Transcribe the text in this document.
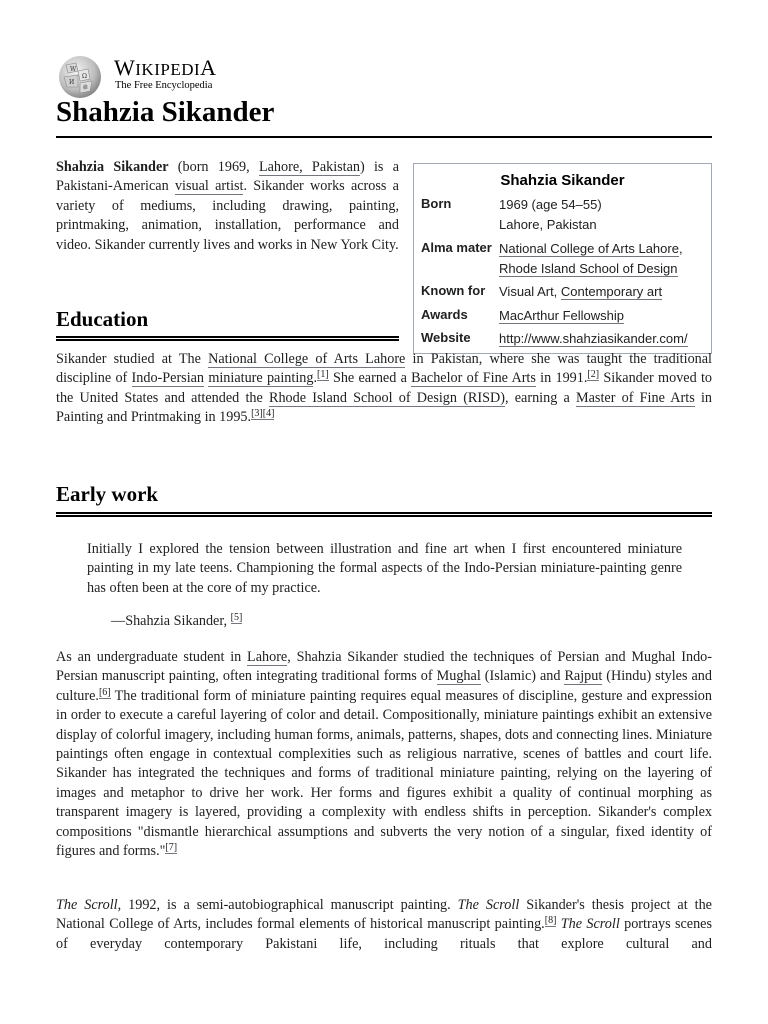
W
Ω
И
維
WIKIPEDIA
The Free Encyclopedia
Shahzia Sikander

Shahzia Sikander (born 1969, Lahore, Pakistan) is a Pakistani-American visual artist. Sikander works across a variety of mediums, including drawing, painting, printmaking, animation, installation, performance and video. Sikander currently lives and works in New York City.

Shahzia Sikander
Born	1969 (age 54–55)
Lahore, Pakistan
Alma mater National College of Arts Lahore,
Rhode Island School of Design
Known for Visual Art, Contemporary art
Awards MacArthur Fellowship
Website http://www.shahziasikander.com/
Education

Sikander studied at The National College of Arts Lahore in Pakistan, where she was taught the traditional discipline of Indo-Persian miniature painting.[1] She earned a Bachelor of Fine Arts in 1991.[2] Sikander moved to the United States and attended the Rhode Island School of Design (RISD), earning a Master of Fine Arts in Painting and Printmaking in 1995.[3][4]

Early work

Initially I explored the tension between illustration and fine art when I first encountered miniature painting in my late teens. Championing the formal aspects of the Indo-Persian miniature-painting genre has often been at the core of my practice.

—Shahzia Sikander, [5]

As an undergraduate student in Lahore, Shahzia Sikander studied the techniques of Persian and Mughal Indo-Persian manuscript painting, often integrating traditional forms of Mughal (Islamic) and Rajput (Hindu) styles and culture.[6] The traditional form of miniature painting requires equal measures of discipline, gesture and expression in order to execute a careful layering of color and detail. Compositionally, miniature paintings exhibit an extensive display of colorful imagery, including human forms, animals, patterns, shapes, dots and connecting lines. Miniature paintings often engage in contextual complexities such as religious narrative, scenes of battles and court life. Sikander has integrated the techniques and forms of traditional miniature painting, relying on the layering of images and metaphor to drive her work. Her forms and figures exhibit a quality of continual morphing as transparent imagery is layered, providing a complexity with endless shifts in perception. Sikander's complex compositions "dismantle hierarchical assumptions and subverts the very notion of a singular, fixed identity of figures and forms."[7]

The Scroll, 1992, is a semi-autobiographical manuscript painting. The Scroll Sikander's thesis project at the National College of Arts, includes formal elements of historical manuscript painting.[8] The Scroll portrays scenes of everyday contemporary Pakistani life, including rituals that explore cultural and
